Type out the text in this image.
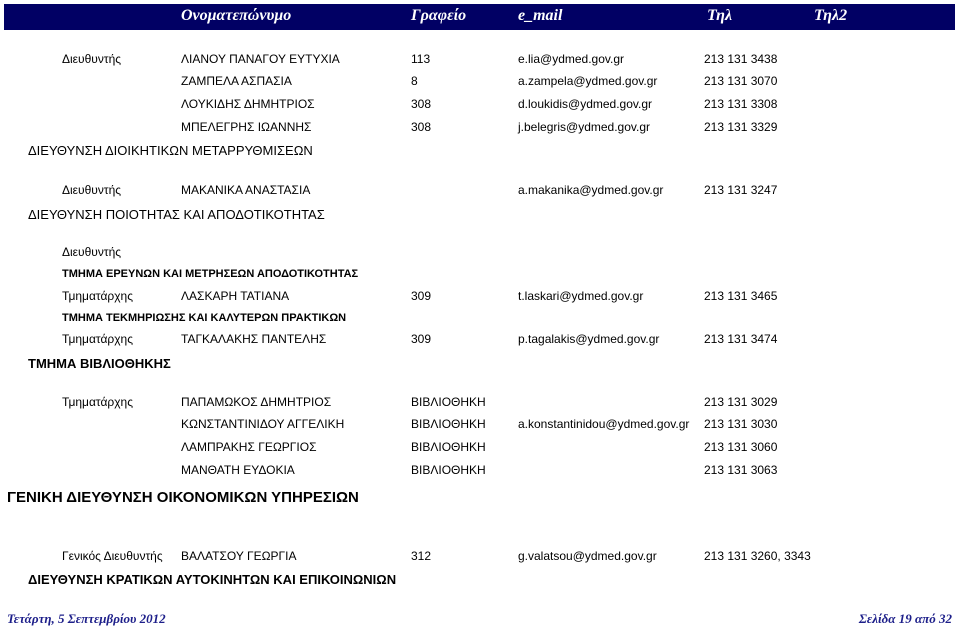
Ονοματεπώνυμο	Γραφείο	e_mail	Τηλ	Τηλ2
Διευθυντής	ΛΙΑΝΟΥ ΠΑΝΑΓΟΥ ΕΥΤΥΧΙΑ	113	e.lia@ydmed.gov.gr	213 131 3438
ΖΑΜΠΕΛΑ ΑΣΠΑΣΙΑ	8	a.zampela@ydmed.gov.gr	213 131 3070
ΛΟΥΚΙΔΗΣ ΔΗΜΗΤΡΙΟΣ	308	d.loukidis@ydmed.gov.gr	213 131 3308
ΜΠΕΛΕΓΡΗΣ ΙΩΑΝΝΗΣ	308	j.belegris@ydmed.gov.gr	213 131 3329
ΔΙΕΥΘΥΝΣΗ ΔΙΟΙΚΗΤΙΚΩΝ ΜΕΤΑΡΡΥΘΜΙΣΕΩΝ
Διευθυντής	ΜΑΚΑΝΙΚΑ ΑΝΑΣΤΑΣΙΑ	a.makanika@ydmed.gov.gr	213 131 3247
ΔΙΕΥΘΥΝΣΗ ΠΟΙΟΤΗΤΑΣ ΚΑΙ ΑΠΟΔΟΤΙΚΟΤΗΤΑΣ
Διευθυντής
ΤΜΗΜΑ ΕΡΕΥΝΩΝ ΚΑΙ ΜΕΤΡΗΣΕΩΝ ΑΠΟΔΟΤΙΚΟΤΗΤΑΣ
Τμηματάρχης	ΛΑΣΚΑΡΗ ΤΑΤΙΑΝΑ	309	t.laskari@ydmed.gov.gr	213 131 3465
ΤΜΗΜΑ ΤΕΚΜΗΡΙΩΣΗΣ ΚΑΙ ΚΑΛΥΤΕΡΩΝ ΠΡΑΚΤΙΚΩΝ
Τμηματάρχης	ΤΑΓΚΑΛΑΚΗΣ ΠΑΝΤΕΛΗΣ	309	p.tagalakis@ydmed.gov.gr	213 131 3474
ΤΜΗΜΑ ΒΙΒΛΙΟΘΗΚΗΣ
Τμηματάρχης	ΠΑΠΑΜΩΚΟΣ ΔΗΜΗΤΡΙΟΣ	ΒΙΒΛΙΟΘΗΚΗ	213 131 3029
ΚΩΝΣΤΑΝΤΙΝΙΔΟΥ ΑΓΓΕΛΙΚΗ	ΒΙΒΛΙΟΘΗΚΗ	a.konstantinidou@ydmed.gov.gr 213 131 3030
ΛΑΜΠΡΑΚΗΣ ΓΕΩΡΓΙΟΣ	ΒΙΒΛΙΟΘΗΚΗ	213 131 3060
ΜΑΝΘΑΤΗ ΕΥΔΟΚΙΑ	ΒΙΒΛΙΟΘΗΚΗ	213 131 3063
ΓΕΝΙΚΗ ΔΙΕΥΘΥΝΣΗ ΟΙΚΟΝΟΜΙΚΩΝ ΥΠΗΡΕΣΙΩΝ
Γενικός Διευθυντής ΒΑΛΑΤΣΟΥ ΓΕΩΡΓΙΑ	312	g.valatsou@ydmed.gov.gr	213 131 3260, 3343
ΔΙΕΥΘΥΝΣΗ ΚΡΑΤΙΚΩΝ ΑΥΤΟΚΙΝΗΤΩΝ ΚΑΙ ΕΠΙΚΟΙΝΩΝΙΩΝ
Τετάρτη, 5 Σεπτεμβρίου 2012	Σελίδα 19 από 32
